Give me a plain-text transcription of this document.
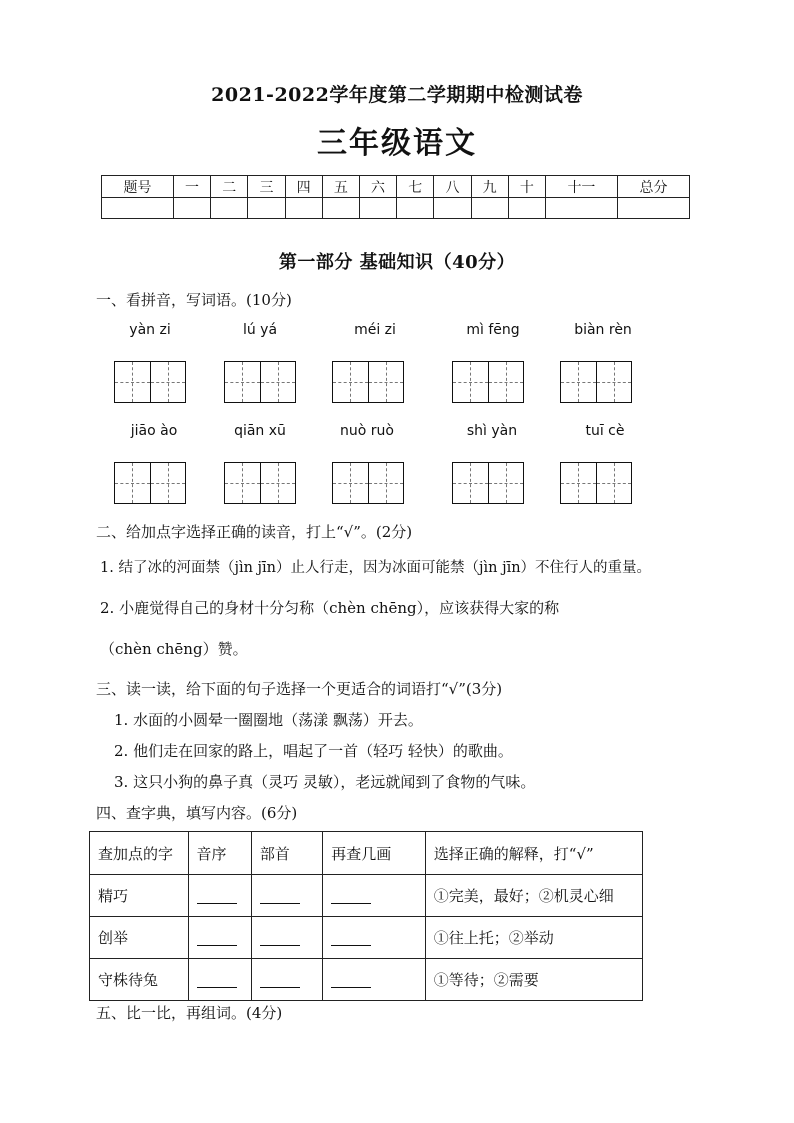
2021-2022学年度第二学期期中检测试卷
三年级语文
题号	一	二	三	四	五	六	七	八	九	十	十一	总分

第一部分 基础知识（40分）
一、看拼音，写词语。(10分)
yàn zi	lú yá	méi zi	mì fēng	biàn rèn
jiāo ào	qiān xū	nuò ruò	shì yàn	tuī cè
二、给加点字选择正确的读音，打上“√”。(2分)
1. 结了冰的河面禁（jìn jīn）止人行走，因为冰面可能禁（jìn jīn）不住行人的重量。
2. 小鹿觉得自己的身材十分匀称（chèn chēng），应该获得大家的称
（chèn chēng）赞。
三、读一读，给下面的句子选择一个更适合的词语打“√”(3分)
1. 水面的小圆晕一圈圈地（荡漾 飘荡）开去。
2. 他们走在回家的路上，唱起了一首（轻巧 轻快）的歌曲。
3. 这只小狗的鼻子真（灵巧 灵敏），老远就闻到了食物的气味。
四、查字典，填写内容。(6分)
查加点的字	音序	部首	再查几画	选择正确的解释，打“√”
精巧				①完美，最好；②机灵心细
创举				①往上托；②举动
守株待兔				①等待；②需要
五、比一比，再组词。(4分)
